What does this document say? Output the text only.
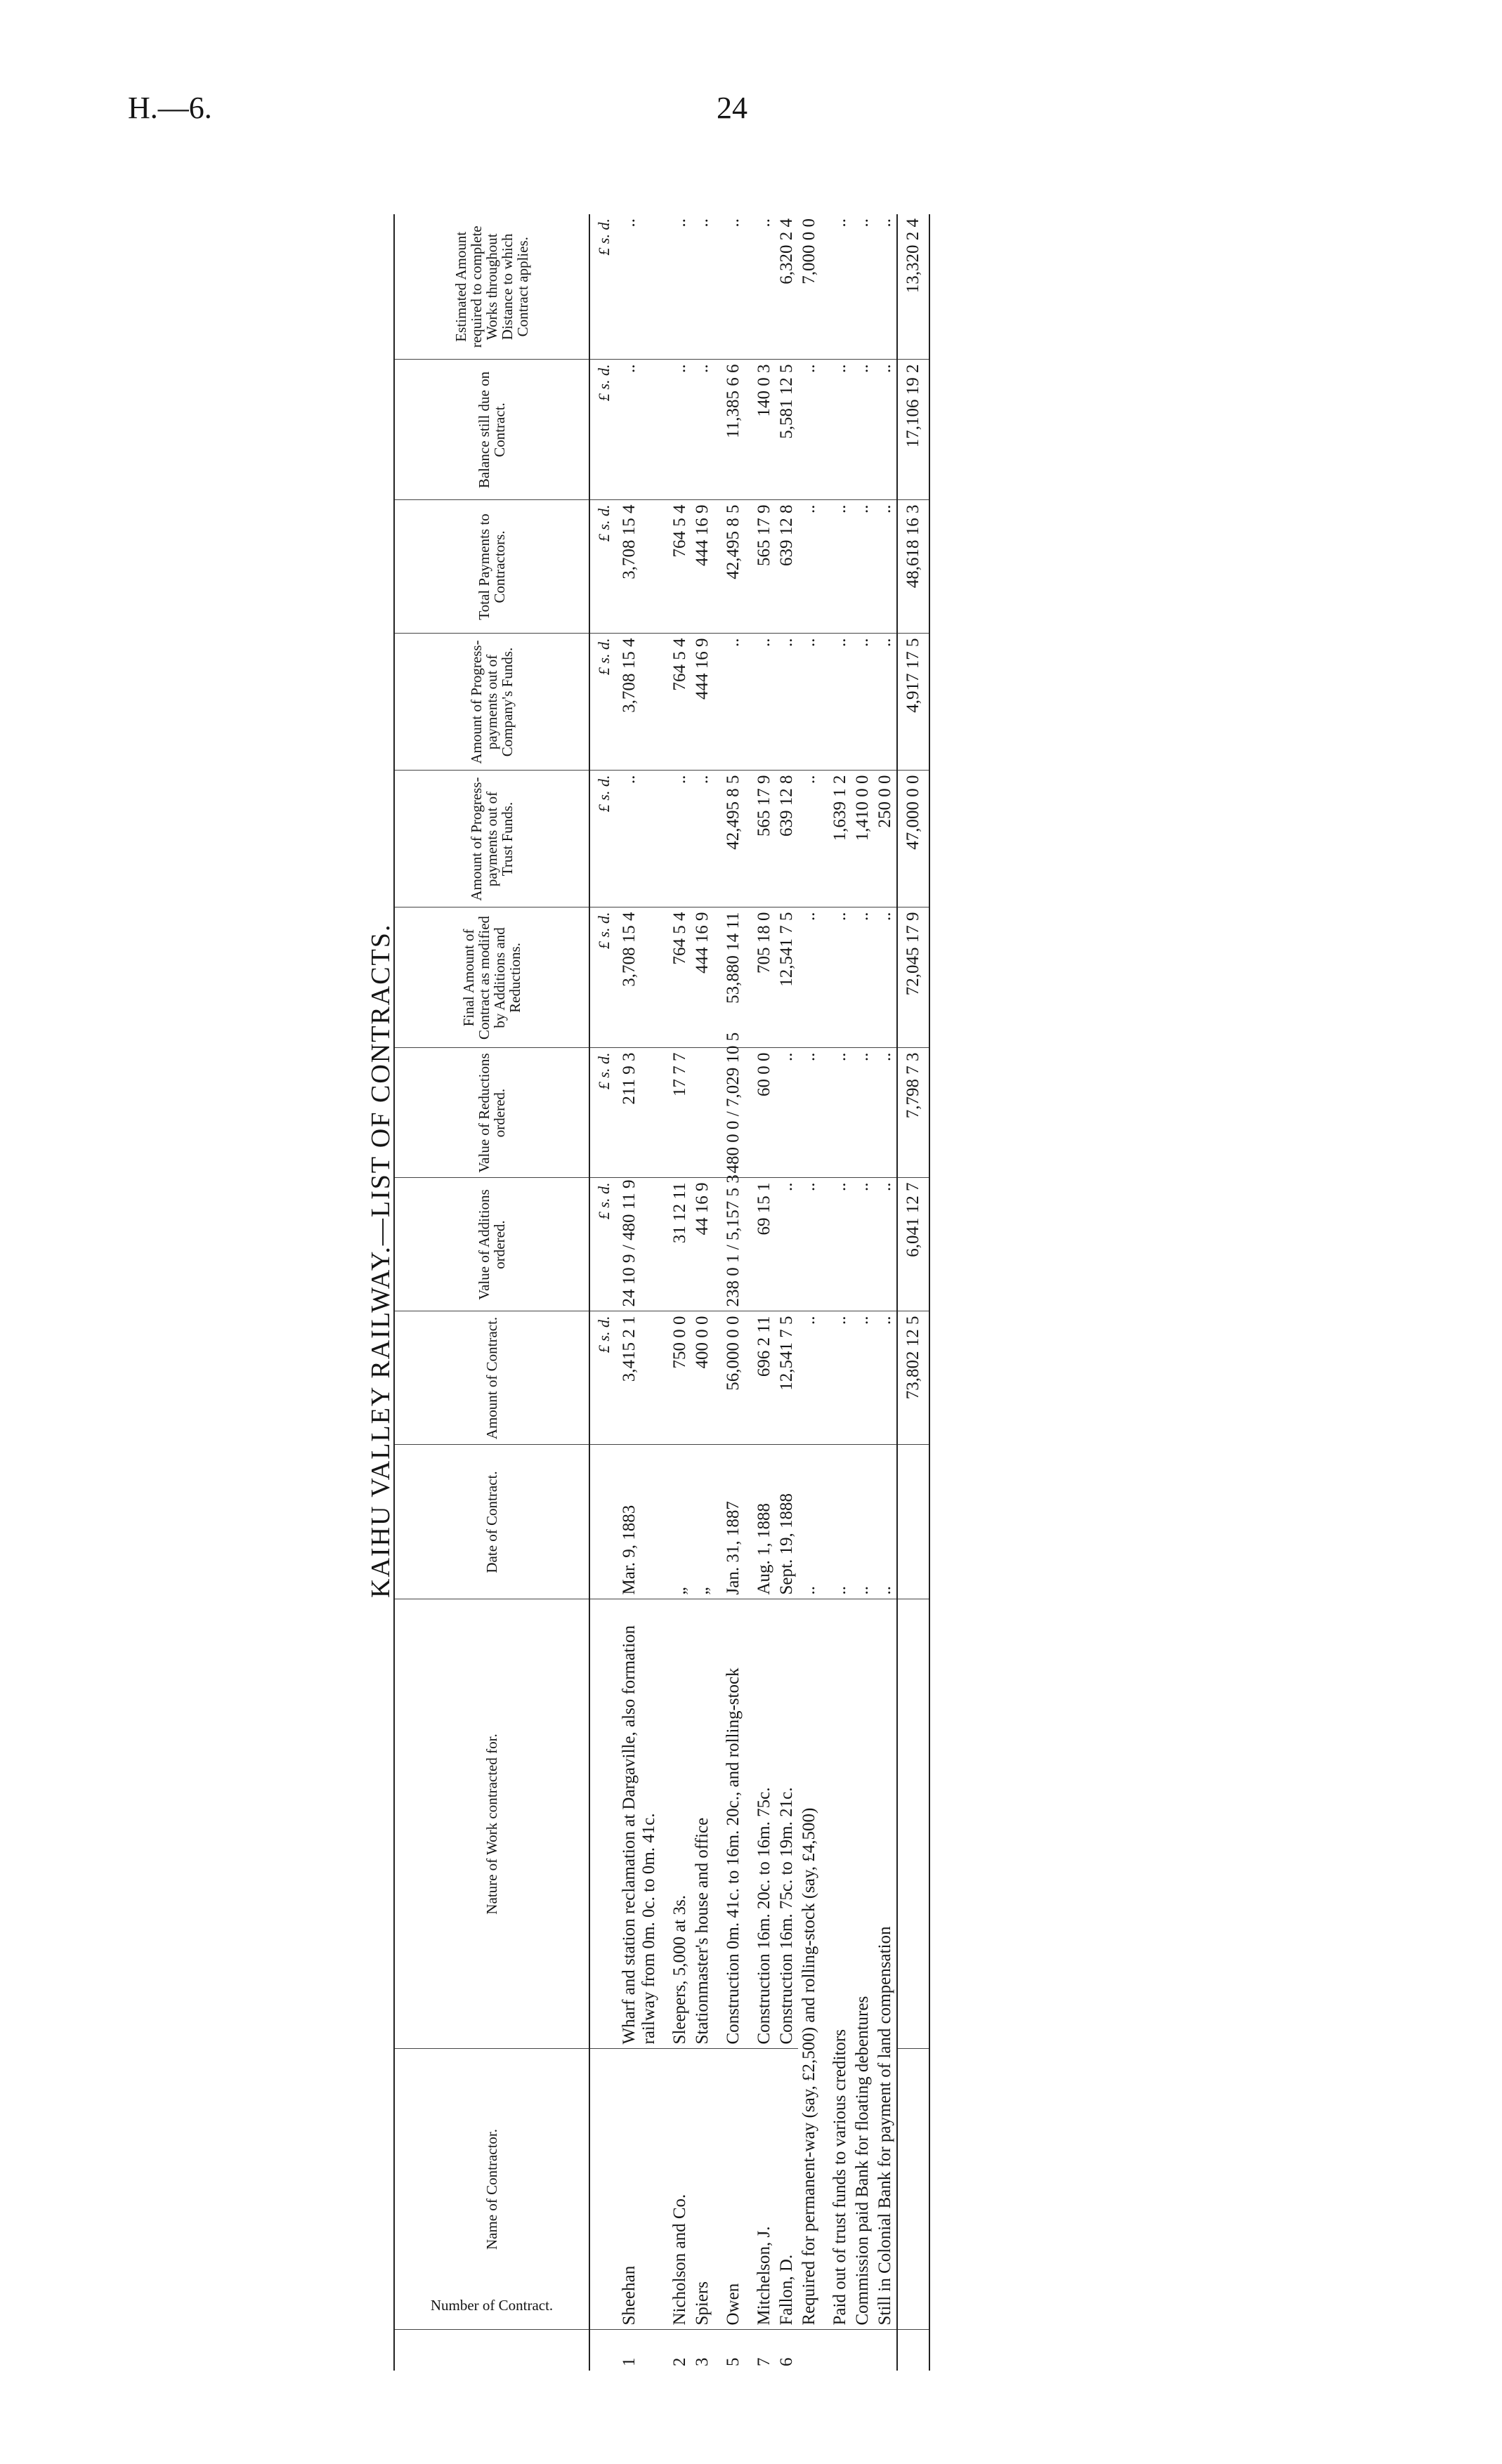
H.—6.	24
KAIHU VALLEY RAILWAY.—LIST OF CONTRACTS.
Number of Contract.	Name of Contractor.	Nature of Work contracted for.	Date of Contract.	Amount of Contract.	Value of Additions ordered.	Value of Reductions ordered.	Final Amount of Contract as modified by Additions and Reductions.	Amount of Progress-payments out of Trust Funds.	Amount of Progress-payments out of Company's Funds.	Total Payments to Contractors.	Balance still due on Contract.	Estimated Amount required to complete Works throughout Distance to which Contract applies.
				£ s. d.	£ s. d.	£ s. d.	£ s. d.	£ s. d.	£ s. d.	£ s. d.	£ s. d.	£ s. d.
1	Sheehan	Wharf and station reclamation at Dargaville, also formation railway from 0m. 0c. to 0m. 41c.	Mar. 9, 1883	3,415 2 1	24 10 9 / 480 11 9	211 9 3	3,708 15 4	..	3,708 15 4	3,708 15 4	..	..
2	Nicholson and Co.	Sleepers, 5,000 at 3s.	„	750 0 0	31 12 11	17 7 7	764 5 4	..	764 5 4	764 5 4	..	..
3	Spiers	Stationmaster's house and office	„	400 0 0	44 16 9		444 16 9	..	444 16 9	444 16 9	..	..
5	Owen	Construction 0m. 41c. to 16m. 20c., and rolling-stock	Jan. 31, 1887	56,000 0 0	238 0 1 / 5,157 5 3	480 0 0 / 7,029 10 5	53,880 14 11	42,495 8 5	..	42,495 8 5	11,385 6 6	..
7	Mitchelson, J.	Construction 16m. 20c. to 16m. 75c.	Aug. 1, 1888	696 2 11	69 15 1	60 0 0	705 18 0	565 17 9	..	565 17 9	140 0 3	..
6	Fallon, D.	Construction 16m. 75c. to 19m. 21c.	Sept. 19, 1888	12,541 7 5	..	..	12,541 7 5	639 12 8	..	639 12 8	5,581 12 5	6,320 2 4
	Required for permanent-way (say, £2,500) and rolling-stock (say, £4,500)		..	..	..	..	..	..	..	..	..	7,000 0 0
	Paid out of trust funds to various creditors		..	..	..	..	..	1,639 1 2	..	..	..	..
	Commission paid Bank for floating debentures		..	..	..	..	..	1,410 0 0	..	..	..	..
	Still in Colonial Bank for payment of land compensation		..	..	..	..	..	250 0 0	..	..	..	..
				73,802 12 5	6,041 12 7	7,798 7 3	72,045 17 9	47,000 0 0	4,917 17 5	48,618 16 3	17,106 19 2	13,320 2 4
